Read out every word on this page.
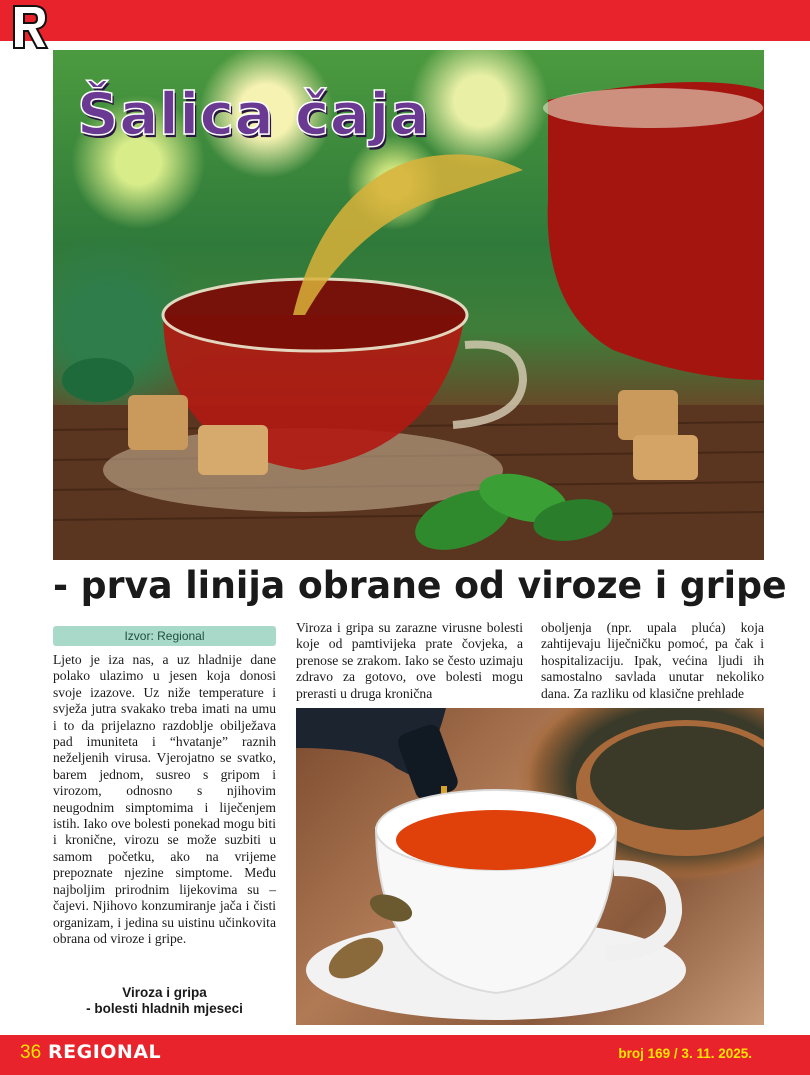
Šalica čaja
- prva linija obrane od viroze i gripe
Izvor: Regional

Ljeto je iza nas, a uz hladnije dane polako ulazimo u jesen koja donosi svoje izazove. Uz niže temperature i svježa jutra svakako treba imati na umu i to da prijelazno razdoblje obilježava pad imuniteta i “hvatanje” raznih neželjenih virusa. Vjerojatno se svatko, barem jednom, susreo s gripom i virozom, odnosno s njihovim neugodnim simptomima i liječenjem istih. Iako ove bolesti ponekad mogu biti i kronične, virozu se može suzbiti u samom početku, ako na vrijeme prepoznate njezine simptome. Među najboljim prirodnim lijekovima su – čajevi. Njihovo konzumiranje jača i čisti organizam, i jedina su uistinu učinkovita obrana od viroze i gripe.

Viroza i gripa su zarazne virusne bolesti koje od pamtivijeka prate čovjeka, a prenose se zrakom. Iako se često uzimaju zdravo za gotovo, ove bolesti mogu prerasti u druga kronična

oboljenja (npr. upala pluća) koja zahtijevaju liječničku pomoć, pa čak i hospitalizaciju. Ipak, većina ljudi ih samostalno savlada unutar nekoliko dana. Za razliku od klasične prehlade

Viroza i gripa
- bolesti hladnih mjeseci
36 REGIONAL	broj 169 / 3. 11. 2025.
